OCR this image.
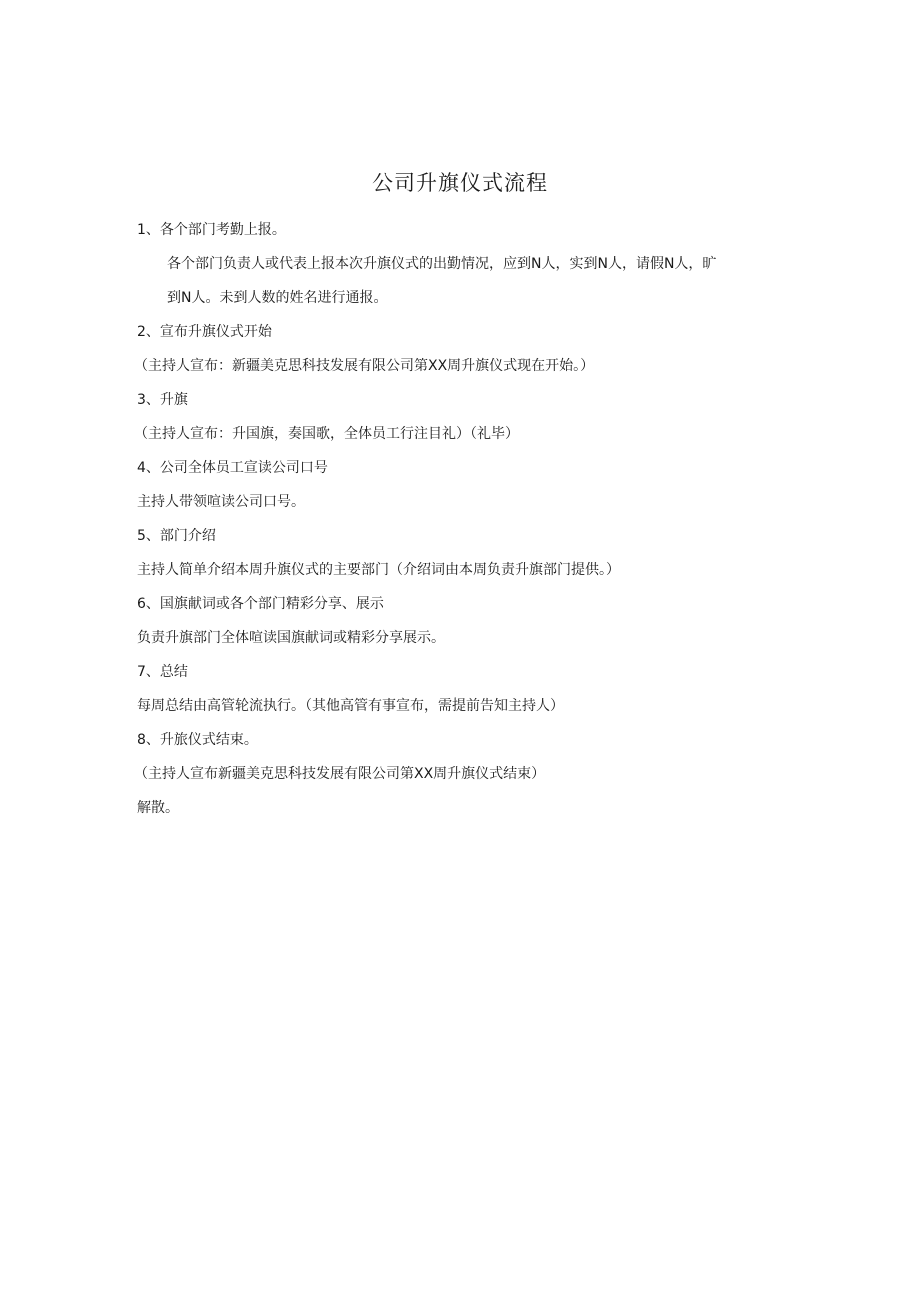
公司升旗仪式流程

1、各个部门考勤上报。

各个部门负责人或代表上报本次升旗仪式的出勤情况，应到N人，实到N人，请假N人，旷

到N人。未到人数的姓名进行通报。

2、宣布升旗仪式开始

（主持人宣布：新疆美克思科技发展有限公司第XX周升旗仪式现在开始。）

3、升旗

（主持人宣布：升国旗，奏国歌，全体员工行注目礼）（礼毕）

4、公司全体员工宣读公司口号

主持人带领喧读公司口号。

5、部门介绍

主持人简单介绍本周升旗仪式的主要部门（介绍词由本周负责升旗部门提供。）

6、国旗献词或各个部门精彩分享、展示

负责升旗部门全体喧读国旗献词或精彩分享展示。

7、总结

每周总结由高管轮流执行。（其他高管有事宣布，需提前告知主持人）

8、升旅仪式结束。

（主持人宣布新疆美克思科技发展有限公司第XX周升旗仪式结束）

解散。
